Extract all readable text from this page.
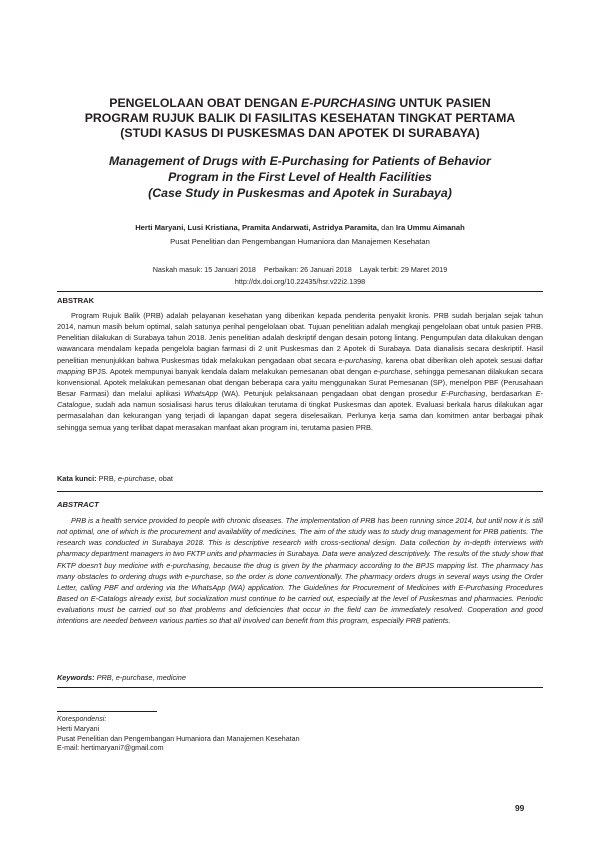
PENGELOLAAN OBAT DENGAN E-PURCHASING UNTUK PASIEN
PROGRAM RUJUK BALIK DI FASILITAS KESEHATAN TINGKAT PERTAMA
(STUDI KASUS DI PUSKESMAS DAN APOTEK DI SURABAYA)
Management of Drugs with E-Purchasing for Patients of Behavior
Program in the First Level of Health Facilities
(Case Study in Puskesmas and Apotek in Surabaya)
Herti Maryani, Lusi Kristiana, Pramita Andarwati, Astridya Paramita, dan Ira Ummu Aimanah
Pusat Penelitian dan Pengembangan Humaniora dan Manajemen Kesehatan
Naskah masuk: 15 Januari 2018 Perbaikan: 26 Januari 2018 Layak terbit: 29 Maret 2019
http://dx.doi.org/10.22435/hsr.v22i2.1398
ABSTRAK
Program Rujuk Balik (PRB) adalah pelayanan kesehatan yang diberikan kepada penderita penyakit kronis. PRB sudah berjalan sejak tahun 2014, namun masih belum optimal, salah satunya perihal pengelolaan obat. Tujuan penelitian adalah mengkaji pengelolaan obat untuk pasien PRB. Penelitian dilakukan di Surabaya tahun 2018. Jenis penelitian adalah deskriptif dengan desain potong lintang. Pengumpulan data dilakukan dengan wawancara mendalam kepada pengelola bagian farmasi di 2 unit Puskesmas dan 2 Apotek di Surabaya. Data dianalisis secara deskriptif. Hasil penelitian menunjukkan bahwa Puskesmas tidak melakukan pengadaan obat secara e-purchasing, karena obat diberikan oleh apotek sesuai daftar mapping BPJS. Apotek mempunyai banyak kendala dalam melakukan pemesanan obat dengan e-purchase, sehingga pemesanan dilakukan secara konvensional. Apotek melakukan pemesanan obat dengan beberapa cara yaitu menggunakan Surat Pemesanan (SP), menelpon PBF (Perusahaan Besar Farmasi) dan melalui aplikasi WhatsApp (WA). Petunjuk pelaksanaan pengadaan obat dengan prosedur E-Purchasing, berdasarkan E-Catalogue, sudah ada namun sosialisasi harus terus dilakukan terutama di tingkat Puskesmas dan apotek. Evaluasi berkala harus dilakukan agar permasalahan dan kekurangan yang terjadi di lapangan dapat segera diselesaikan. Perlunya kerja sama dan komitmen antar berbagai pihak sehingga semua yang terlibat dapat merasakan manfaat akan program ini, terutama pasien PRB.
Kata kunci: PRB, e-purchase, obat
ABSTRACT
PRB is a health service provided to people with chronic diseases. The implementation of PRB has been running since 2014, but until now it is still not optimal, one of which is the procurement and availability of medicines. The aim of the study was to study drug management for PRB patients. The research was conducted in Surabaya 2018. This is descriptive research with cross-sectional design. Data collection by in-depth interviews with pharmacy department managers in two FKTP units and pharmacies in Surabaya. Data were analyzed descriptively. The results of the study show that FKTP doesn't buy medicine with e-purchasing, because the drug is given by the pharmacy according to the BPJS mapping list. The pharmacy has many obstacles to ordering drugs with e-purchase, so the order is done conventionally. The pharmacy orders drugs in several ways using the Order Letter, calling PBF and ordering via the WhatsApp (WA) application. The Guidelines for Procurement of Medicines with E-Purchasing Procedures Based on E-Catalogs already exist, but socialization must continue to be carried out, especially at the level of Puskesmas and pharmacies. Periodic evaluations must be carried out so that problems and deficiencies that occur in the field can be immediately resolved. Cooperation and good intentions are needed between various parties so that all involved can benefit from this program, especially PRB patients.
Keywords: PRB, e-purchase, medicine
Korespondensi:
Herti Maryani
Pusat Penelitian dan Pengembangan Humaniora dan Manajemen Kesehatan
E-mail: hertimaryani7@gmail.com
99
